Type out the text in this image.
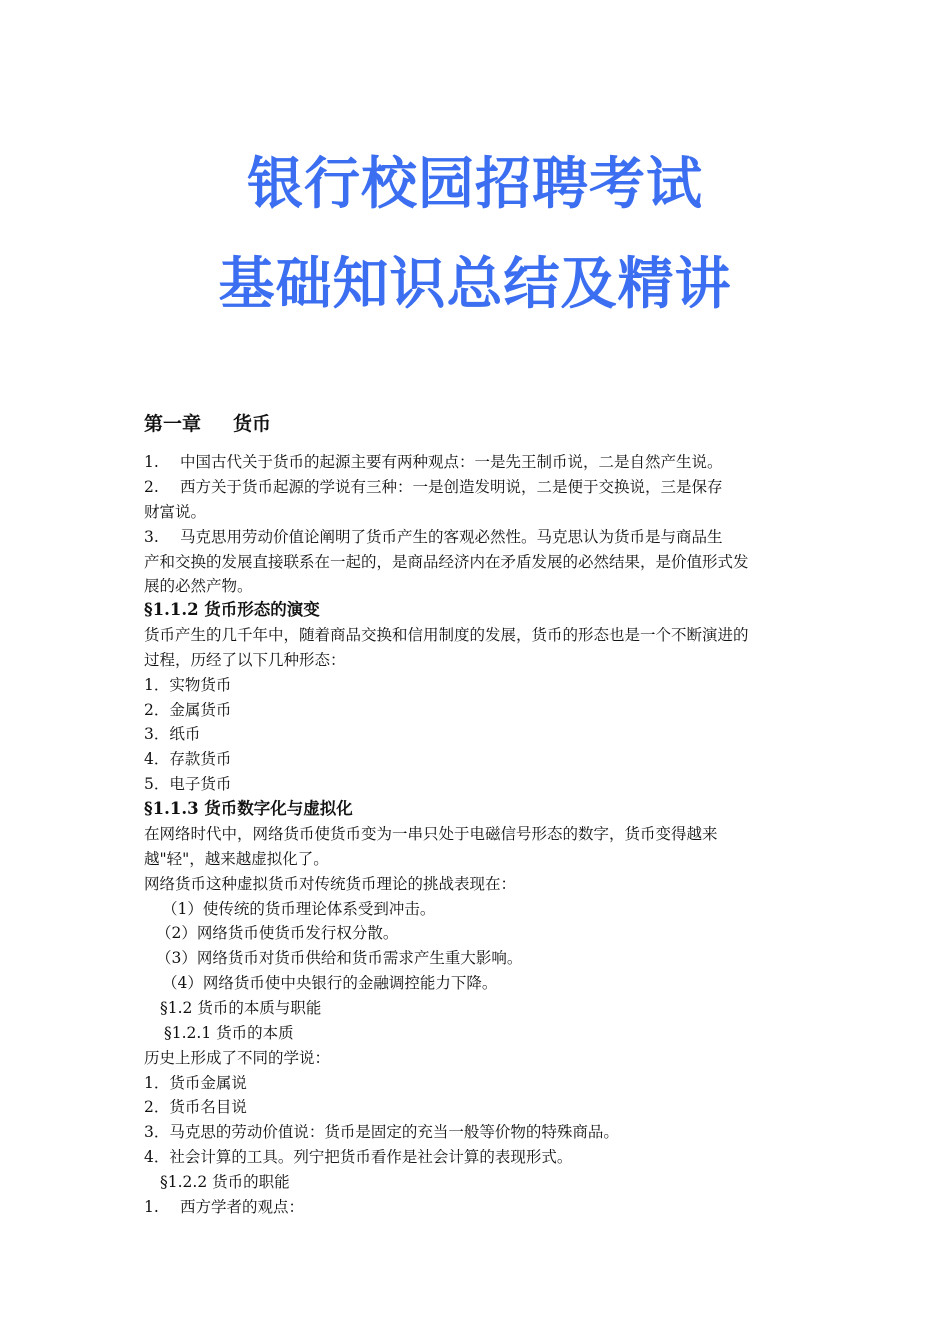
银行校园招聘考试
基础知识总结及精讲
第一章 货币
1. 中国古代关于货币的起源主要有两种观点：一是先王制币说，二是自然产生说。
2. 西方关于货币起源的学说有三种：一是创造发明说，二是便于交换说，三是保存
财富说。
3. 马克思用劳动价值论阐明了货币产生的客观必然性。马克思认为货币是与商品生
产和交换的发展直接联系在一起的，是商品经济内在矛盾发展的必然结果，是价值形式发
展的必然产物。
§1.1.2 货币形态的演变
货币产生的几千年中，随着商品交换和信用制度的发展，货币的形态也是一个不断演进的
过程，历经了以下几种形态：
1．实物货币
2．金属货币
3．纸币
4．存款货币
5．电子货币
§1.1.3 货币数字化与虚拟化
在网络时代中，网络货币使货币变为一串只处于电磁信号形态的数字，货币变得越来
越"轻"，越来越虚拟化了。
网络货币这种虚拟货币对传统货币理论的挑战表现在：
（1）使传统的货币理论体系受到冲击。
（2）网络货币使货币发行权分散。
（3）网络货币对货币供给和货币需求产生重大影响。
（4）网络货币使中央银行的金融调控能力下降。
§1.2 货币的本质与职能
§1.2.1 货币的本质
历史上形成了不同的学说：
1．货币金属说
2．货币名目说
3．马克思的劳动价值说：货币是固定的充当一般等价物的特殊商品。
4．社会计算的工具。列宁把货币看作是社会计算的表现形式。
§1.2.2 货币的职能
1. 西方学者的观点：
